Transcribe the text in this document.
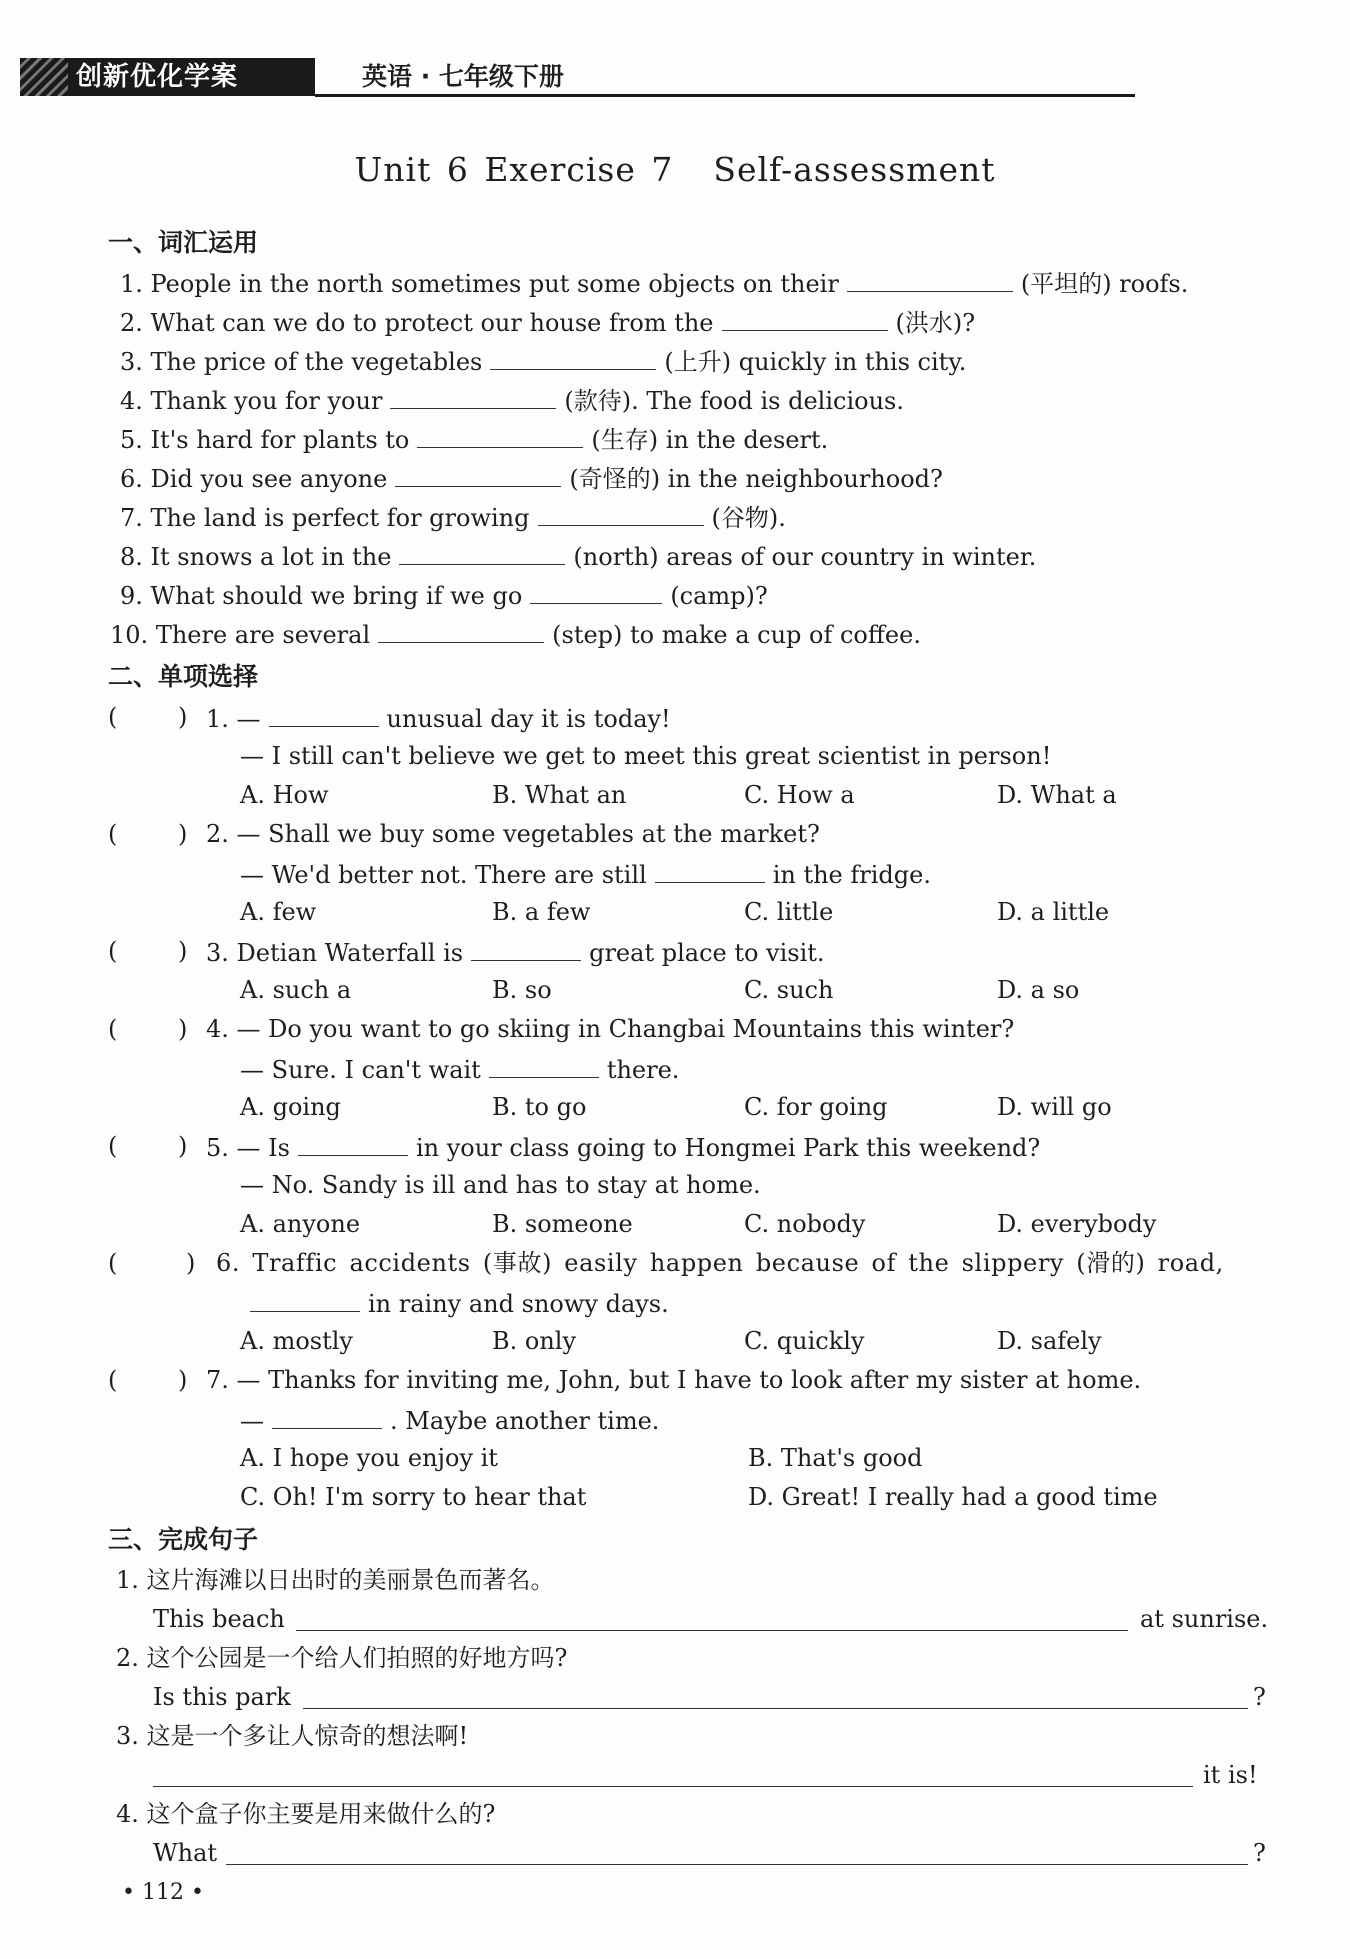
创新优化学案	英语 · 七年级下册
Unit 6 Exercise 7 Self-assessment
一、词汇运用
1. People in the north sometimes put some objects on their	(平坦的) roofs.
2. What can we do to protect our house from the	(洪水)?
3. The price of the vegetables	(上升) quickly in this city.
4. Thank you for your	(款待). The food is delicious.
5. It's hard for plants to	(生存) in the desert.
6. Did you see anyone	(奇怪的) in the neighbourhood?
7. The land is perfect for growing	(谷物).
8. It snows a lot in the	(north) areas of our country in winter.
9. What should we bring if we go	(camp)?
10. There are several	(step) to make a cup of coffee.
二、单项选择
(	) 1. —	unusual day it is today!
— I still can't believe we get to meet this great scientist in person!
A. How	B. What an	C. How a	D. What a
(	) 2. — Shall we buy some vegetables at the market?
— We'd better not. There are still	in the fridge.
A. few	B. a few	C. little	D. a little
(	) 3. Detian Waterfall is	great place to visit.
A. such a	B. so	C. such	D. a so
(	) 4. — Do you want to go skiing in Changbai Mountains this winter?
— Sure. I can't wait	there.
A. going	B. to go	C. for going	D. will go
(	) 5. — Is	in your class going to Hongmei Park this weekend?
— No. Sandy is ill and has to stay at home.
A. anyone	B. someone	C. nobody	D. everybody
(	) 6. Traffic accidents (事故) easily happen because of the slippery (滑的) road,
in rainy and snowy days.
A. mostly	B. only	C. quickly	D. safely
(	) 7. — Thanks for inviting me, John, but I have to look after my sister at home.
—	. Maybe another time.
A. I hope you enjoy it	B. That's good
C. Oh! I'm sorry to hear that	D. Great! I really had a good time
三、完成句子
1. 这片海滩以日出时的美丽景色而著名。
This beach	at sunrise.
2. 这个公园是一个给人们拍照的好地方吗?
Is this park	?
3. 这是一个多让人惊奇的想法啊!
it is!
4. 这个盒子你主要是用来做什么的?
What	?
• 112 •
